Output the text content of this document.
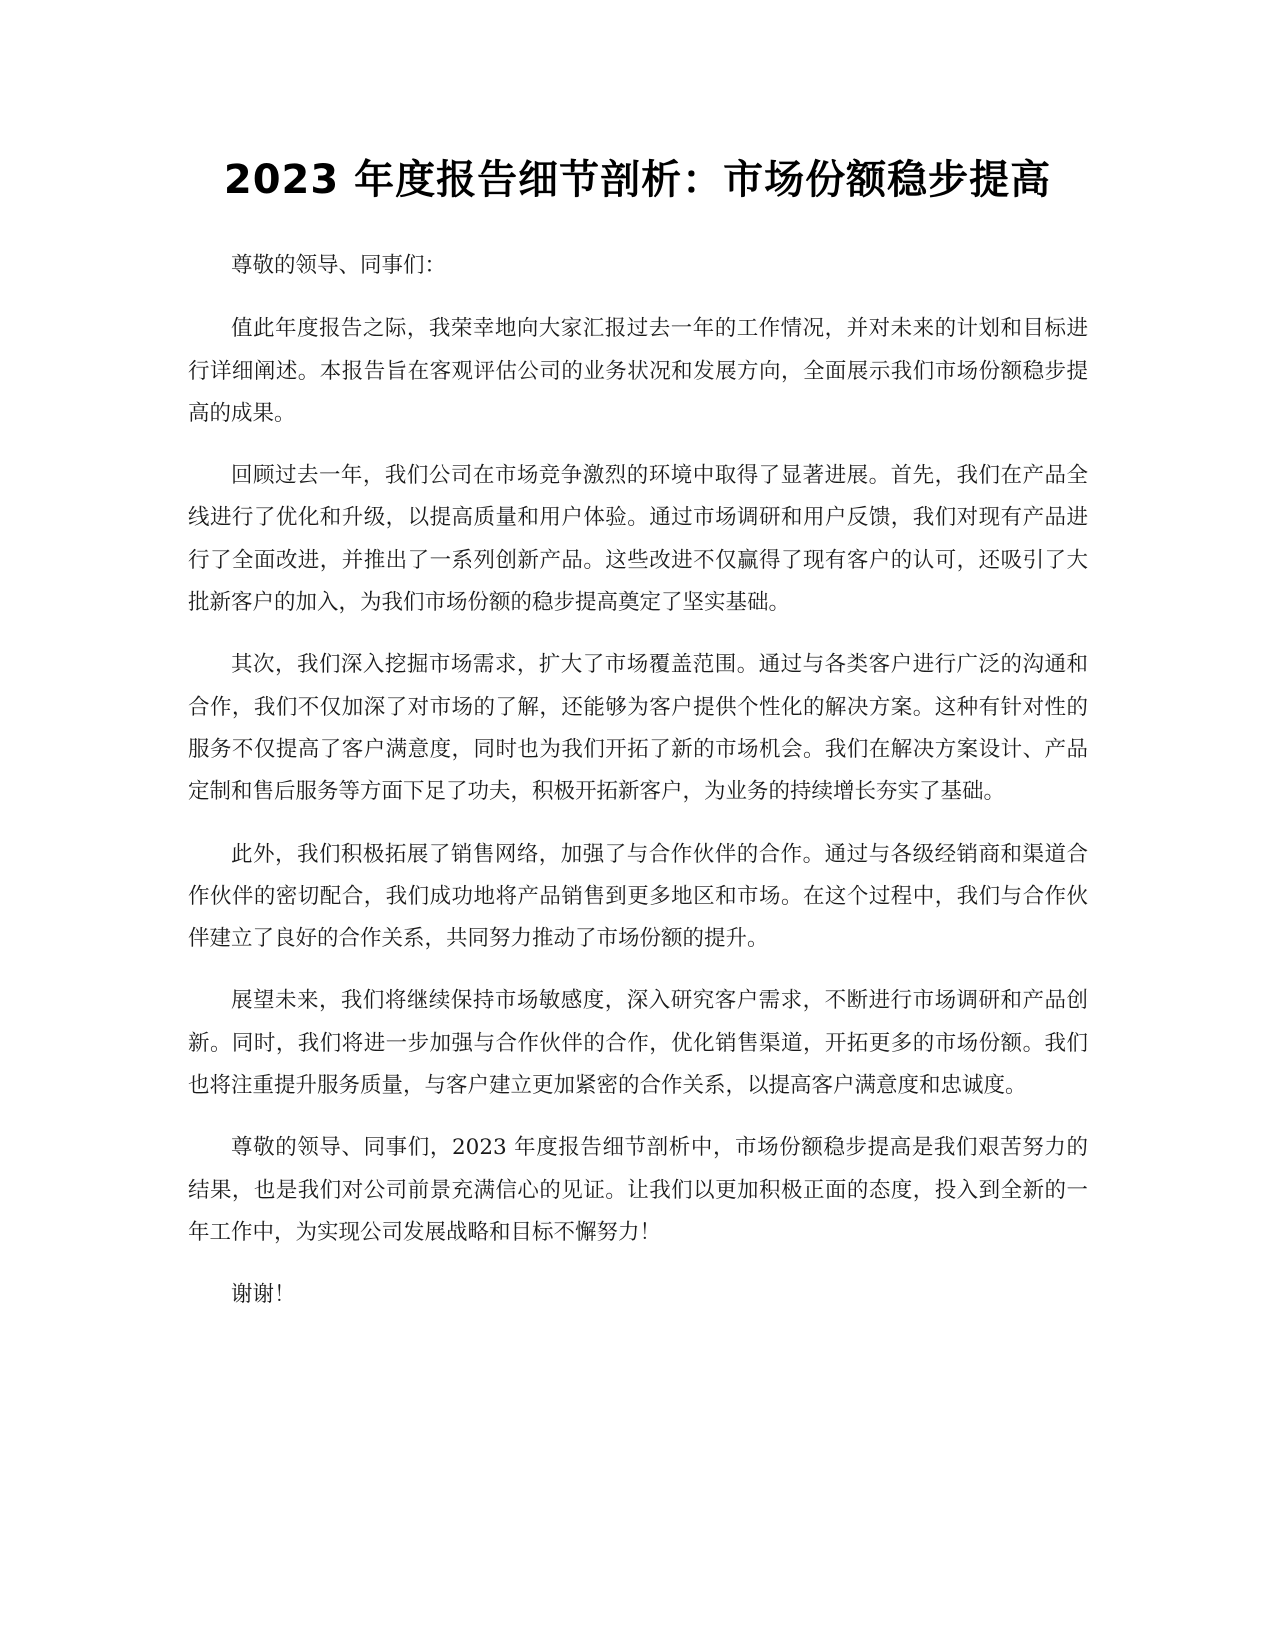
2023 年度报告细节剖析：市场份额稳步提高

尊敬的领导、同事们：

值此年度报告之际，我荣幸地向大家汇报过去一年的工作情况，并对未来的计划和目标进行详细阐述。本报告旨在客观评估公司的业务状况和发展方向，全面展示我们市场份额稳步提高的成果。

回顾过去一年，我们公司在市场竞争激烈的环境中取得了显著进展。首先，我们在产品全线进行了优化和升级，以提高质量和用户体验。通过市场调研和用户反馈，我们对现有产品进行了全面改进，并推出了一系列创新产品。这些改进不仅赢得了现有客户的认可，还吸引了大批新客户的加入，为我们市场份额的稳步提高奠定了坚实基础。

其次，我们深入挖掘市场需求，扩大了市场覆盖范围。通过与各类客户进行广泛的沟通和合作，我们不仅加深了对市场的了解，还能够为客户提供个性化的解决方案。这种有针对性的服务不仅提高了客户满意度，同时也为我们开拓了新的市场机会。我们在解决方案设计、产品定制和售后服务等方面下足了功夫，积极开拓新客户，为业务的持续增长夯实了基础。

此外，我们积极拓展了销售网络，加强了与合作伙伴的合作。通过与各级经销商和渠道合作伙伴的密切配合，我们成功地将产品销售到更多地区和市场。在这个过程中，我们与合作伙伴建立了良好的合作关系，共同努力推动了市场份额的提升。

展望未来，我们将继续保持市场敏感度，深入研究客户需求，不断进行市场调研和产品创新。同时，我们将进一步加强与合作伙伴的合作，优化销售渠道，开拓更多的市场份额。我们也将注重提升服务质量，与客户建立更加紧密的合作关系，以提高客户满意度和忠诚度。

尊敬的领导、同事们，2023 年度报告细节剖析中，市场份额稳步提高是我们艰苦努力的结果，也是我们对公司前景充满信心的见证。让我们以更加积极正面的态度，投入到全新的一年工作中，为实现公司发展战略和目标不懈努力！

谢谢！
